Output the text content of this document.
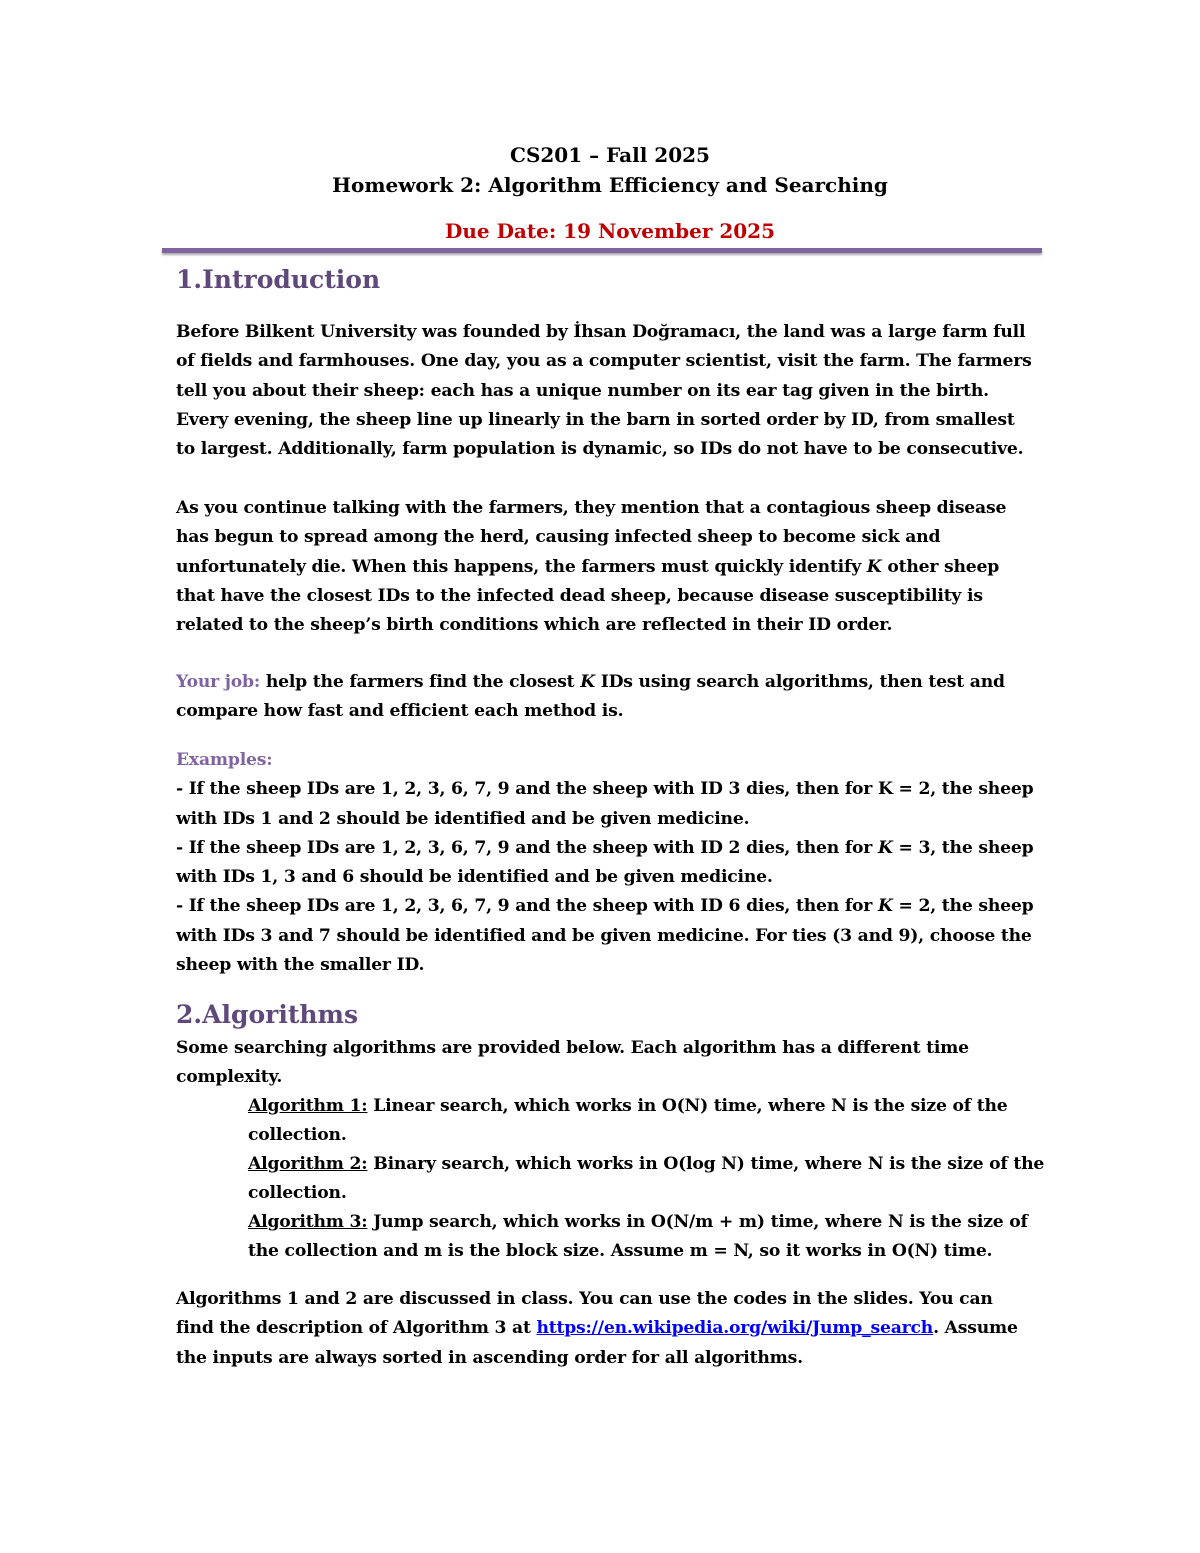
CS201 – Fall 2025
Homework 2: Algorithm Efficiency and Searching
Due Date: 19 November 2025
1.Introduction
Before Bilkent University was founded by İhsan Doğramacı, the land was a large farm full of fields and farmhouses. One day, you as a computer scientist, visit the farm. The farmers tell you about their sheep: each has a unique number on its ear tag given in the birth. Every evening, the sheep line up linearly in the barn in sorted order by ID, from smallest to largest. Additionally, farm population is dynamic, so IDs do not have to be consecutive.
As you continue talking with the farmers, they mention that a contagious sheep disease has begun to spread among the herd, causing infected sheep to become sick and unfortunately die. When this happens, the farmers must quickly identify K other sheep that have the closest IDs to the infected dead sheep, because disease susceptibility is related to the sheep’s birth conditions which are reflected in their ID order.
Your job: help the farmers find the closest K IDs using search algorithms, then test and compare how fast and efficient each method is.
Examples:
- If the sheep IDs are 1, 2, 3, 6, 7, 9 and the sheep with ID 3 dies, then for K = 2, the sheep with IDs 1 and 2 should be identified and be given medicine.
- If the sheep IDs are 1, 2, 3, 6, 7, 9 and the sheep with ID 2 dies, then for K = 3, the sheep with IDs 1, 3 and 6 should be identified and be given medicine.
- If the sheep IDs are 1, 2, 3, 6, 7, 9 and the sheep with ID 6 dies, then for K = 2, the sheep with IDs 3 and 7 should be identified and be given medicine. For ties (3 and 9), choose the sheep with the smaller ID.
2.Algorithms
Some searching algorithms are provided below. Each algorithm has a different time complexity.
Algorithm 1: Linear search, which works in O(N) time, where N is the size of the collection.
Algorithm 2: Binary search, which works in O(log N) time, where N is the size of the collection.
Algorithm 3: Jump search, which works in O(N/m + m) time, where N is the size of the collection and m is the block size. Assume m = N, so it works in O(N) time.
Algorithms 1 and 2 are discussed in class. You can use the codes in the slides. You can find the description of Algorithm 3 at https://en.wikipedia.org/wiki/Jump_search. Assume the inputs are always sorted in ascending order for all algorithms.
